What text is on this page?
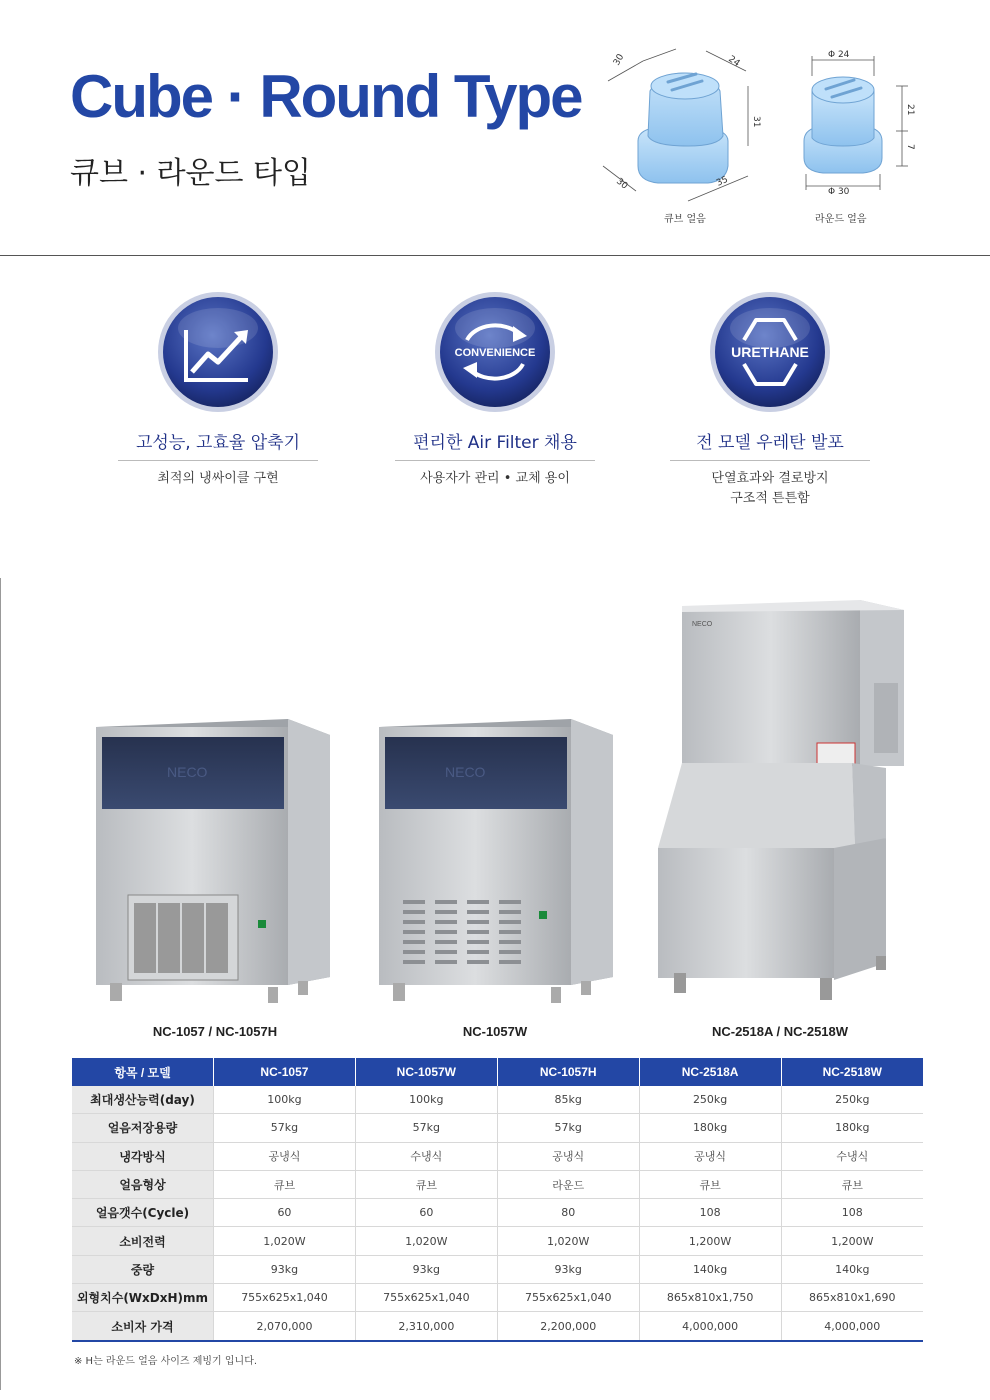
Cube · Round Type
큐브 · 라운드 타입
30	24
31
30	35
큐브 얼음
Φ 24
21
7
Φ 30
라운드 얼음
고성능, 고효율 압축기
최적의 냉싸이클 구현
CONVENIENCE
편리한 Air Filter 채용
사용자가 관리 • 교체 용이
URETHANE
전 모델 우레탄 발포
단열효과와 결로방지
구조적 튼튼함
NECO
NC-1057 / NC-1057H
NECO
NC-1057W
NECO
NC-2518A / NC-2518W
항목 / 모델	NC-1057	NC-1057W	NC-1057H	NC-2518A	NC-2518W
최대생산능력(day)	100kg	100kg	85kg	250kg	250kg
얼음저장용량	57kg	57kg	57kg	180kg	180kg
냉각방식	공냉식	수냉식	공냉식	공냉식	수냉식
얼음형상	큐브	큐브	라운드	큐브	큐브
얼음갯수(Cycle)	60	60	80	108	108
소비전력	1,020W	1,020W	1,020W	1,200W	1,200W
중량	93kg	93kg	93kg	140kg	140kg
외형치수(WxDxH)mm	755x625x1,040	755x625x1,040	755x625x1,040	865x810x1,750	865x810x1,690
소비자 가격	2,070,000	2,310,000	2,200,000	4,000,000	4,000,000
※ H는 라운드 얼음 사이즈 제빙기 입니다.
